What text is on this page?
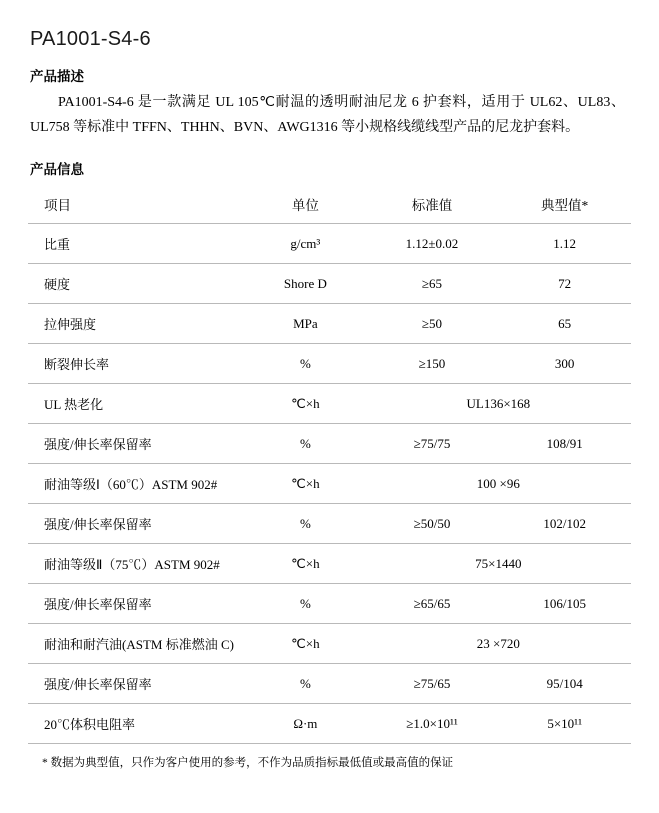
PA1001-S4-6
产品描述

PA1001-S4-6 是一款满足 UL 105℃耐温的透明耐油尼龙 6 护套料，适用于 UL62、UL83、UL758 等标准中 TFFN、THHN、BVN、AWG1316 等小规格线缆线型产品的尼龙护套料。

产品信息
项目	单位	标准值	典型值*
比重	g/cm³	1.12±0.02	1.12
硬度	Shore D	≥65	72
拉伸强度	MPa	≥50	65
断裂伸长率	%	≥150	300
UL 热老化	℃×h	UL136×168	
强度/伸长率保留率	%	≥75/75	108/91
耐油等级Ⅰ（60℃）ASTM 902#	℃×h	100 ×96	
强度/伸长率保留率	%	≥50/50	102/102
耐油等级Ⅱ（75℃）ASTM 902#	℃×h	75×1440	
强度/伸长率保留率	%	≥65/65	106/105
耐油和耐汽油(ASTM 标准燃油 C)	℃×h	23 ×720	
强度/伸长率保留率	%	≥75/65	95/104
20℃体积电阻率	Ω·m	≥1.0×10¹¹	5×10¹¹
* 数据为典型值，只作为客户使用的参考，不作为品质指标最低值或最高值的保证
